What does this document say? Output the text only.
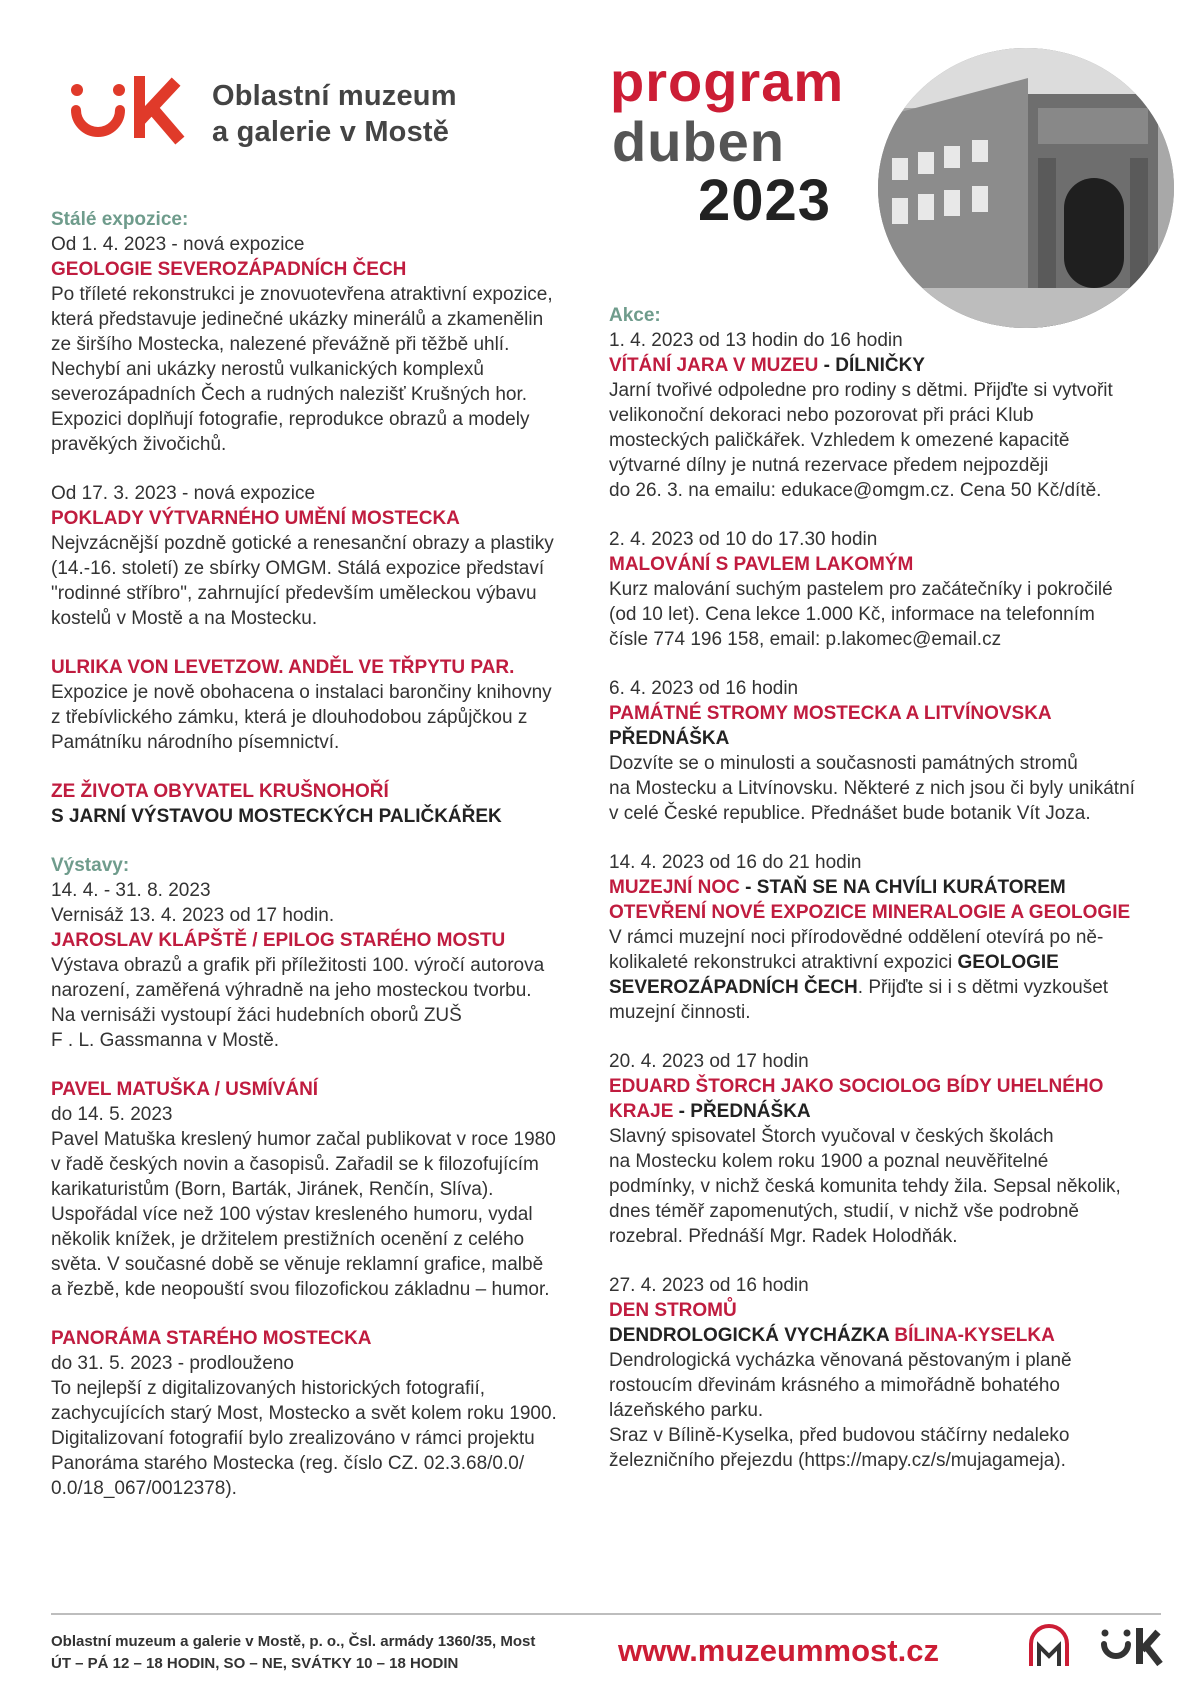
Oblastní muzeum
a galerie v Mostě
program
duben
2023

Stálé expozice:

Od 1. 4. 2023 - nová expozice

GEOLOGIE SEVEROZÁPADNÍCH ČECH

Po tříleté rekonstrukci je znovuotevřena atraktivní expozice,

která představuje jedinečné ukázky minerálů a zkamenělin

ze širšího Mostecka, nalezené převážně při těžbě uhlí.

Nechybí ani ukázky nerostů vulkanických komplexů

severozápadních Čech a rudných nalezišť Krušných hor.

Expozici doplňují fotografie, reprodukce obrazů a modely

pravěkých živočichů.

Od 17. 3. 2023 - nová expozice

POKLADY VÝTVARNÉHO UMĚNÍ MOSTECKA

Nejvzácnější pozdně gotické a renesanční obrazy a plastiky

(14.-16. století) ze sbírky OMGM. Stálá expozice představí

"rodinné stříbro", zahrnující především uměleckou výbavu

kostelů v Mostě a na Mostecku.

ULRIKA VON LEVETZOW. ANDĚL VE TŘPYTU PAR.

Expozice je nově obohacena o instalaci barončiny knihovny

z třebívlického zámku, která je dlouhodobou zápůjčkou z

Památníku národního písemnictví.

ZE ŽIVOTA OBYVATEL KRUŠNOHOŘÍ

S JARNÍ VÝSTAVOU MOSTECKÝCH PALIČKÁŘEK

Výstavy:

14. 4. - 31. 8. 2023

Vernisáž 13. 4. 2023 od 17 hodin.

JAROSLAV KLÁPŠTĚ / EPILOG STARÉHO MOSTU

Výstava obrazů a grafik při příležitosti 100. výročí autorova

narození, zaměřená výhradně na jeho mosteckou tvorbu.

Na vernisáži vystoupí žáci hudebních oborů ZUŠ

F . L. Gassmanna v Mostě.

PAVEL MATUŠKA / USMÍVÁNÍ

do 14. 5. 2023

Pavel Matuška kreslený humor začal publikovat v roce 1980

v řadě českých novin a časopisů. Zařadil se k filozofujícím

karikaturistům (Born, Barták, Jiránek, Renčín, Slíva).

Uspořádal více než 100 výstav kresleného humoru, vydal

několik knížek, je držitelem prestižních ocenění z celého

světa. V současné době se věnuje reklamní grafice, malbě

a řezbě, kde neopouští svou filozofickou základnu – humor.

PANORÁMA STARÉHO MOSTECKA

do 31. 5. 2023 - prodlouženo

To nejlepší z digitalizovaných historických fotografií,

zachycujících starý Most, Mostecko a svět kolem roku 1900.

Digitalizovaní fotografií bylo zrealizováno v rámci projektu

Panoráma starého Mostecka (reg. číslo CZ. 02.3.68/0.0/

0.0/18_067/0012378).

Akce:

1. 4. 2023 od 13 hodin do 16 hodin

VÍTÁNÍ JARA V MUZEU - DÍLNIČKY

Jarní tvořivé odpoledne pro rodiny s dětmi. Přijďte si vytvořit

velikonoční dekoraci nebo pozorovat při práci Klub

mosteckých paličkářek. Vzhledem k omezené kapacitě

výtvarné dílny je nutná rezervace předem nejpozději

do 26. 3. na emailu: edukace@omgm.cz. Cena 50 Kč/dítě.

2. 4. 2023 od 10 do 17.30 hodin

MALOVÁNÍ S PAVLEM LAKOMÝM

Kurz malování suchým pastelem pro začátečníky i pokročilé

(od 10 let). Cena lekce 1.000 Kč, informace na telefonním

čísle 774 196 158, email: p.lakomec@email.cz

6. 4. 2023 od 16 hodin

PAMÁTNÉ STROMY MOSTECKA A LITVÍNOVSKA

PŘEDNÁŠKA

Dozvíte se o minulosti a současnosti památných stromů

na Mostecku a Litvínovsku. Některé z nich jsou či byly unikátní

v celé České republice. Přednášet bude botanik Vít Joza.

14. 4. 2023 od 16 do 21 hodin

MUZEJNÍ NOC - STAŇ SE NA CHVÍLI KURÁTOREM

OTEVŘENÍ NOVÉ EXPOZICE MINERALOGIE A GEOLOGIE

V rámci muzejní noci přírodovědné oddělení otevírá po ně-

kolikaleté rekonstrukci atraktivní expozici GEOLOGIE

SEVEROZÁPADNÍCH ČECH. Přijďte si i s dětmi vyzkoušet

muzejní činnosti.

20. 4. 2023 od 17 hodin

EDUARD ŠTORCH JAKO SOCIOLOG BÍDY UHELNÉHO

KRAJE - PŘEDNÁŠKA

Slavný spisovatel Štorch vyučoval v českých školách

na Mostecku kolem roku 1900 a poznal neuvěřitelné

podmínky, v nichž česká komunita tehdy žila. Sepsal několik,

dnes téměř zapomenutých, studií, v nichž vše podrobně

rozebral. Přednáší Mgr. Radek Holodňák.

27. 4. 2023 od 16 hodin

DEN STROMŮ

DENDROLOGICKÁ VYCHÁZKA BÍLINA-KYSELKA

Dendrologická vycházka věnovaná pěstovaným i planě

rostoucím dřevinám krásného a mimořádně bohatého

lázeňského parku.

Sraz v Bílině-Kyselka, před budovou stáčírny nedaleko

železničního přejezdu (https://mapy.cz/s/mujagameja).

Oblastní muzeum a galerie v Mostě, p. o., Čsl. armády 1360/35, Most
ÚT – PÁ 12 – 18 HODIN, SO – NE, SVÁTKY 10 – 18 HODIN	www.muzeummost.cz
